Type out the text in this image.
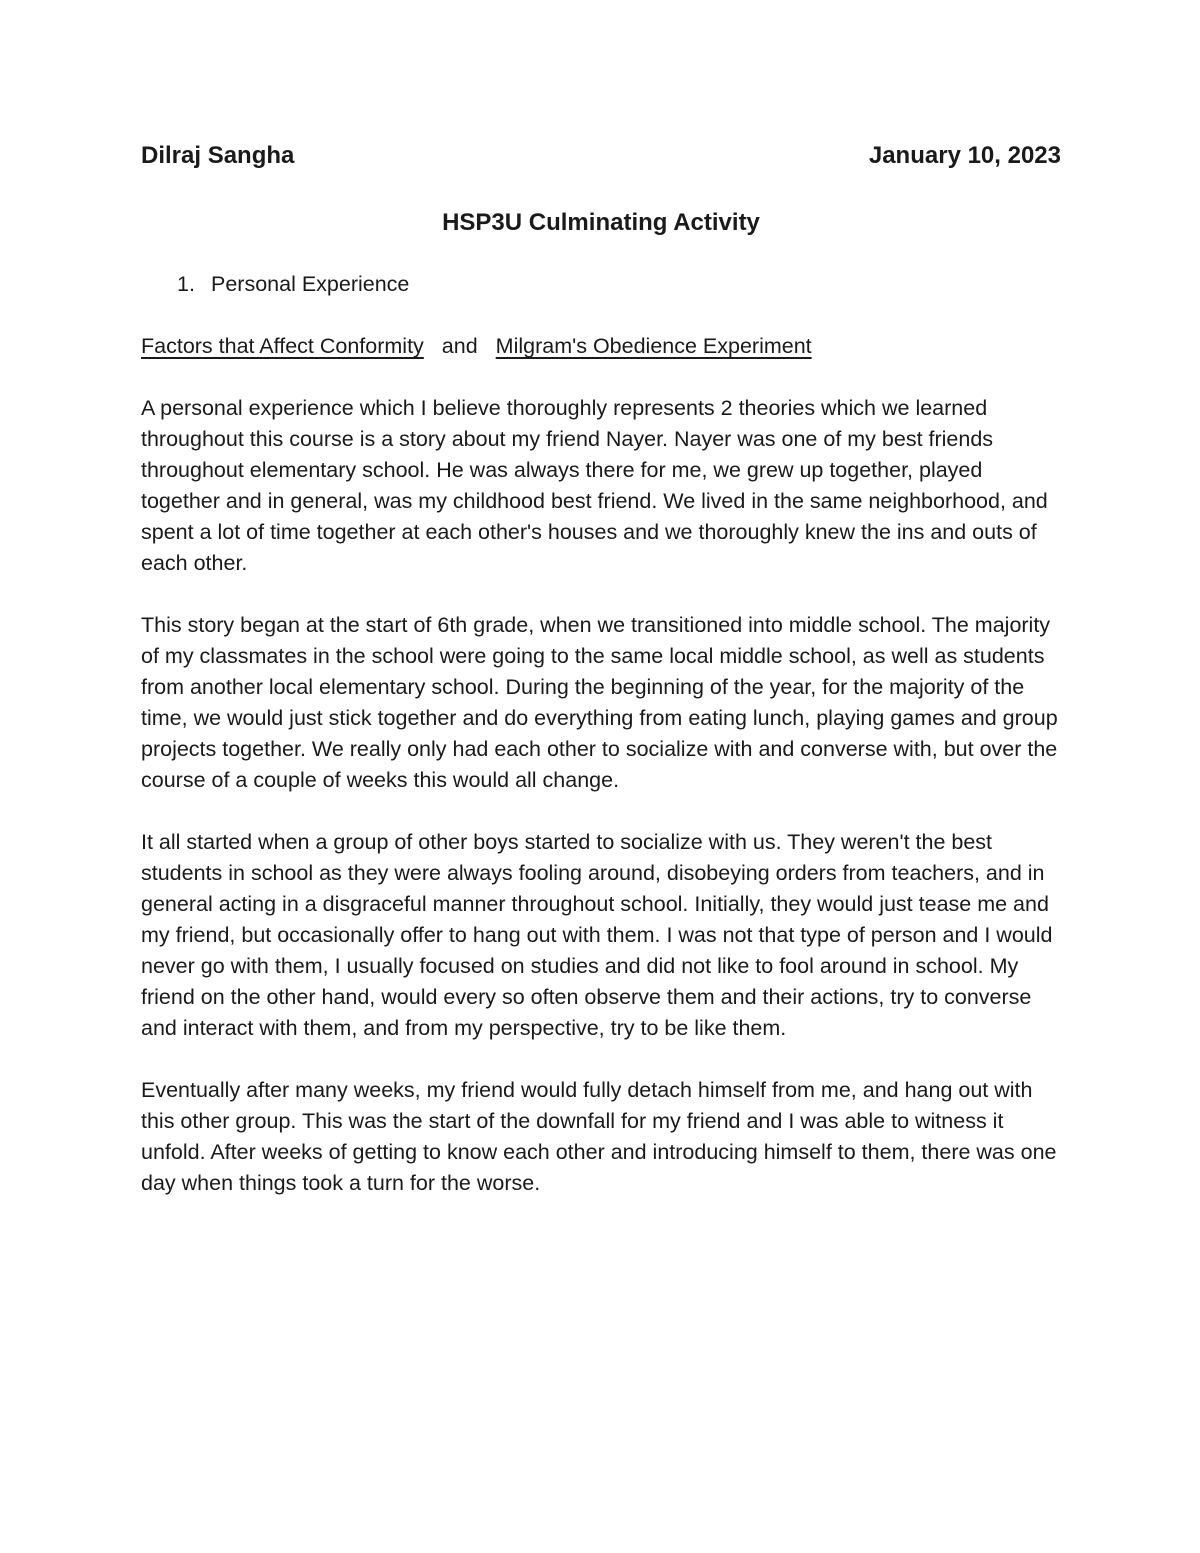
Dilraj Sangha	January 10, 2023
HSP3U Culminating Activity
1. Personal Experience
Factors that Affect Conformity and Milgram's Obedience Experiment

A personal experience which I believe thoroughly represents 2 theories which we learned throughout this course is a story about my friend Nayer. Nayer was one of my best friends throughout elementary school. He was always there for me, we grew up together, played together and in general, was my childhood best friend. We lived in the same neighborhood, and spent a lot of time together at each other's houses and we thoroughly knew the ins and outs of each other.

This story began at the start of 6th grade, when we transitioned into middle school. The majority of my classmates in the school were going to the same local middle school, as well as students from another local elementary school. During the beginning of the year, for the majority of the time, we would just stick together and do everything from eating lunch, playing games and group projects together. We really only had each other to socialize with and converse with, but over the course of a couple of weeks this would all change.

It all started when a group of other boys started to socialize with us. They weren't the best students in school as they were always fooling around, disobeying orders from teachers, and in general acting in a disgraceful manner throughout school. Initially, they would just tease me and my friend, but occasionally offer to hang out with them. I was not that type of person and I would never go with them, I usually focused on studies and did not like to fool around in school. My friend on the other hand, would every so often observe them and their actions, try to converse and interact with them, and from my perspective, try to be like them.

Eventually after many weeks, my friend would fully detach himself from me, and hang out with this other group. This was the start of the downfall for my friend and I was able to witness it unfold. After weeks of getting to know each other and introducing himself to them, there was one day when things took a turn for the worse.
